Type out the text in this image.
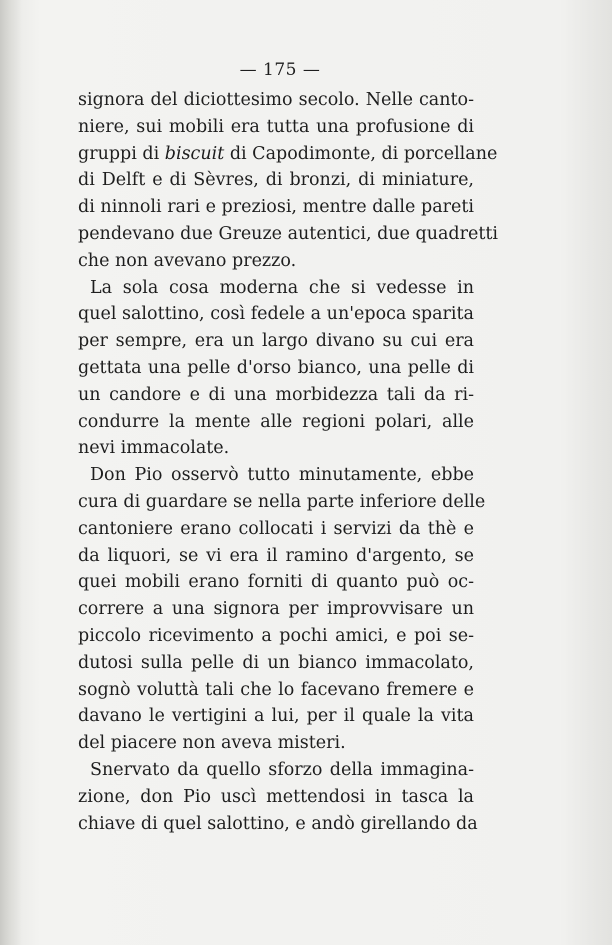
— 175 —
signora del diciottesimo secolo. Nelle canto-
niere, sui mobili era tutta una profusione di
gruppi di biscuit di Capodimonte, di porcellane
di Delft e di Sèvres, di bronzi, di miniature,
di ninnoli rari e preziosi, mentre dalle pareti
pendevano due Greuze autentici, due quadretti
che non avevano prezzo.
La sola cosa moderna che si vedesse in
quel salottino, così fedele a un'epoca sparita
per sempre, era un largo divano su cui era
gettata una pelle d'orso bianco, una pelle di
un candore e di una morbidezza tali da ri-
condurre la mente alle regioni polari, alle
nevi immacolate.
Don Pio osservò tutto minutamente, ebbe
cura di guardare se nella parte inferiore delle
cantoniere erano collocati i servizi da thè e
da liquori, se vi era il ramino d'argento, se
quei mobili erano forniti di quanto può oc-
correre a una signora per improvvisare un
piccolo ricevimento a pochi amici, e poi se-
dutosi sulla pelle di un bianco immacolato,
sognò voluttà tali che lo facevano fremere e
davano le vertigini a lui, per il quale la vita
del piacere non aveva misteri.
Snervato da quello sforzo della immagina-
zione, don Pio uscì mettendosi in tasca la
chiave di quel salottino, e andò girellando da
